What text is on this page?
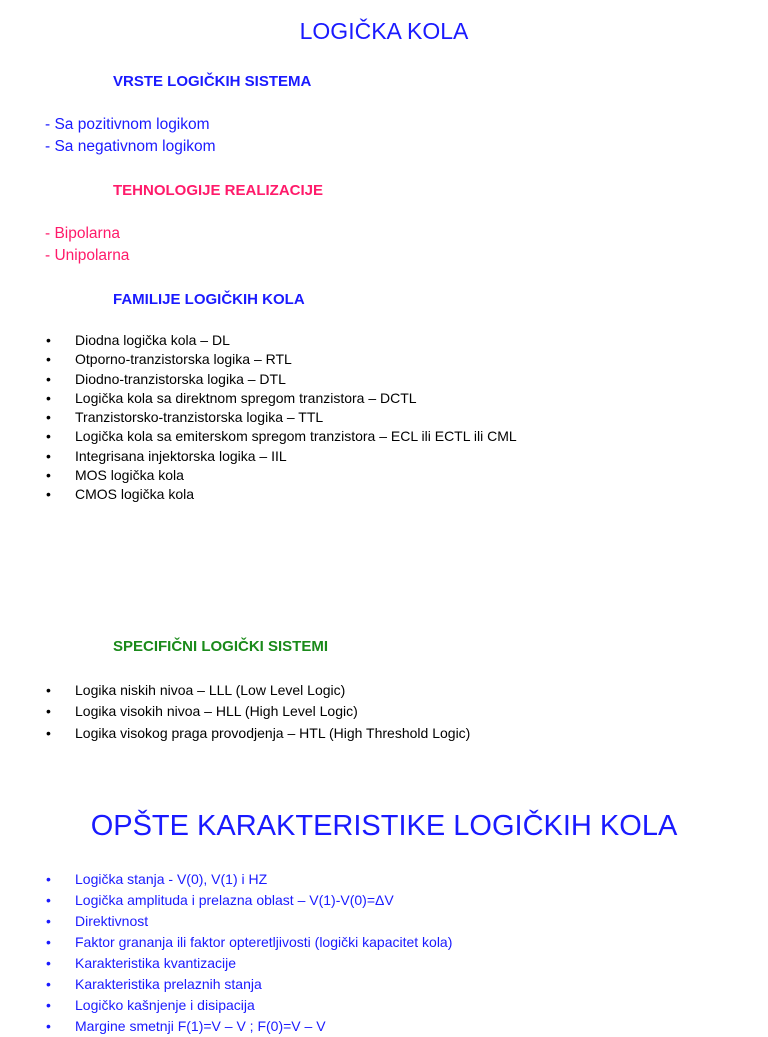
LOGIČKA KOLA
VRSTE LOGIČKIH SISTEMA
- Sa pozitivnom logikom
- Sa negativnom logikom
TEHNOLOGIJE REALIZACIJE
- Bipolarna
- Unipolarna
FAMILIJE LOGIČKIH KOLA
• Diodna logička kola – DL
• Otporno-tranzistorska logika – RTL
• Diodno-tranzistorska logika – DTL
• Logička kola sa direktnom spregom tranzistora – DCTL
• Tranzistorsko-tranzistorska logika – TTL
• Logička kola sa emiterskom spregom tranzistora – ECL ili ECTL ili CML
• Integrisana injektorska logika – IIL
• MOS logička kola
• CMOS logička kola
SPECIFIČNI LOGIČKI SISTEMI
• Logika niskih nivoa – LLL (Low Level Logic)
• Logika visokih nivoa – HLL (High Level Logic)
• Logika visokog praga provodjenja – HTL (High Threshold Logic)
OPŠTE KARAKTERISTIKE LOGIČKIH KOLA
• Logička stanja - V(0), V(1) i HZ
• Logička amplituda i prelazna oblast – V(1)-V(0)=ΔV
• Direktivnost
• Faktor grananja ili faktor opteretljivosti (logički kapacitet kola)
• Karakteristika kvantizacije
• Karakteristika prelaznih stanja
• Logičko kašnjenje i disipacija
• Margine smetnji F(1)=V – V ; F(0)=V – V
